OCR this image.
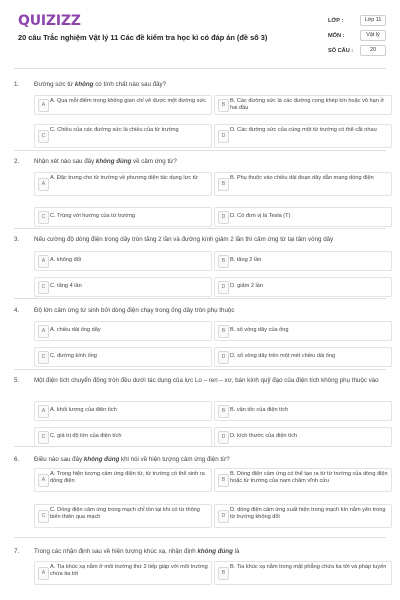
QUIZIZZ
20 câu Trắc nghiệm Vật lý 11 Các đề kiểm tra học kì có đáp án (đề số 3)
LỚP :	Lớp 11
MÔN :	Vật lý
SỐ CÂU :	20
1. Đường sức từ không có tính chất nào sau đây?
A
A. Qua mỗi điểm trong không gian chỉ vẽ được một đường sức
B
B. Các đường sức là các đường cong khép kín hoặc vô hạn ở hai đầu
C
C. Chiều của các đường sức là chiều của từ trường
D
D. Các đường sức của cùng một từ trường có thể cắt nhau
2. Nhận xét nào sau đây không đúng về cảm ứng từ?
A
A. Đặc trưng cho từ trường về phương diện tác dụng lực từ
B
B. Phụ thuộc vào chiều dài đoạn dây dẫn mang dòng điện
C C. Trùng với hướng của từ trường	D D. Có đơn vị là Tesla (T)
3. Nếu cường độ dòng điện trong dây tròn tăng 2 lần và đường kính giảm 2 lần thì cảm ứng từ tại tâm vòng dây
A A. không đổi	B B. tăng 2 lần
C C. tăng 4 lần	D D. giảm 2 lần
4. Độ lớn cảm ứng từ sinh bởi dòng điện chạy trong ống dây tròn phụ thuộc
A A. chiều dài ống dây	B B. số vòng dây của ống
C C. đường kính ống	D D. số vòng dây trên một mét chiều dài ống
5. Một điện tích chuyển động tròn đều dưới tác dụng của lực Lo – ren – xơ, bán kính quỹ đạo của điện tích không phụ thuộc vào
A A. khối lượng của điện tích	B B. vận tốc của điện tích
C C. giá trị độ lớn của điện tích	D D. kích thước của điện tích
6. Điều nào sau đây không đúng khi nói về hiện tượng cảm ứng điện từ?
A
A. Trong hiện tượng cảm ứng điện từ, từ trường có thể sinh ra dòng điện	B
B. Dòng điện cảm ứng có thể tạo ra từ từ trường của dòng điện hoặc từ trường của nam châm vĩnh cửu
C
C. Dòng điện cảm ứng trong mạch chỉ tồn tại khi có từ thông biến thiên qua mạch	D
D. dòng điện cảm ứng xuất hiện trong mạch kín nằm yên trong từ trường không đổi
7. Trong các nhận định sau về hiện tượng khúc xạ, nhận định không đúng là
A
A. Tia khúc xạ nằm ở môi trường thứ 2 tiếp giáp với môi trường chứa tia tới	B
B. Tia khúc xạ nằm trong mặt phẳng chứa tia tới và pháp tuyến
